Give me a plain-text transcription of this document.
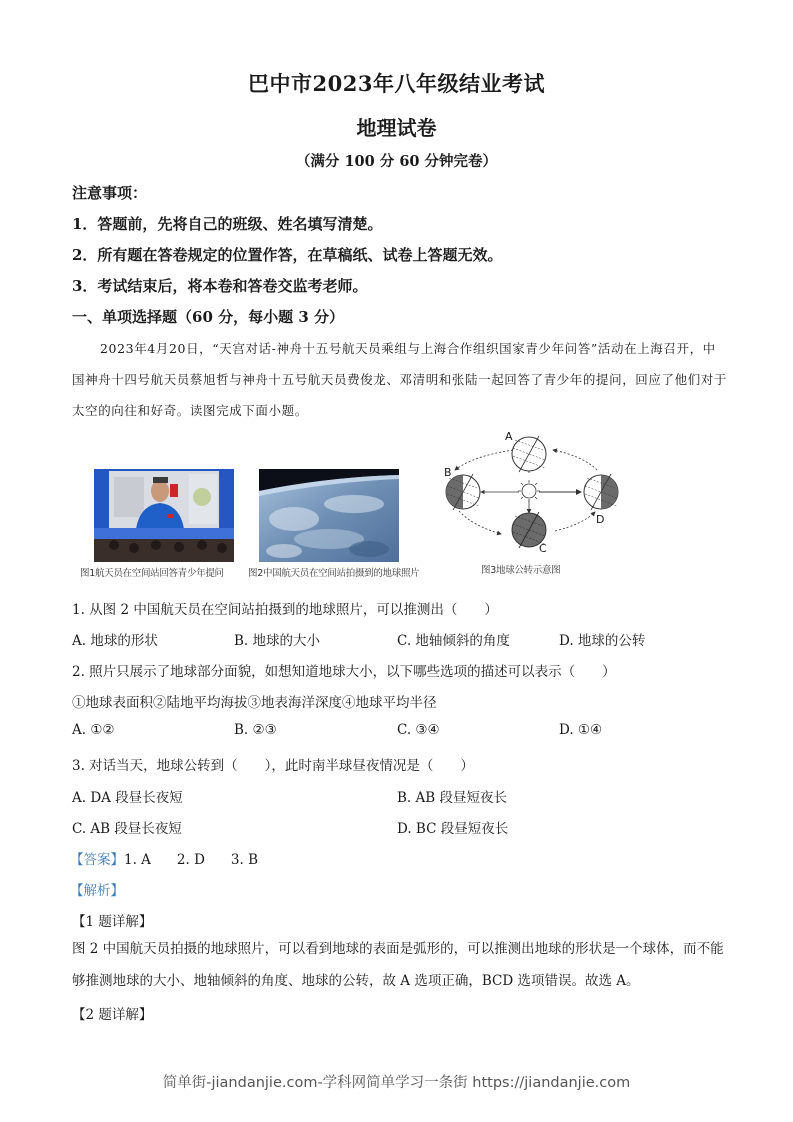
巴中市2023年八年级结业考试
地理试卷
（满分 100 分 60 分钟完卷）
注意事项：
1．答题前，先将自己的班级、姓名填写清楚。
2．所有题在答卷规定的位置作答，在草稿纸、试卷上答题无效。
3．考试结束后，将本卷和答卷交监考老师。
一、单项选择题（60 分，每小题 3 分）
2023年4月20日，“天宫对话-神舟十五号航天员乘组与上海合作组织国家青少年问答”活动在上海召开，中国神舟十四号航天员蔡旭哲与神舟十五号航天员费俊龙、邓清明和张陆一起回答了青少年的提问，回应了他们对于太空的向往和好奇。读图完成下面小题。
图1航天员在空间站回答青少年提问	图2中国航天员在空间站拍摄到的地球照片
A
B
C
D
图3地球公转示意图
1. 从图 2 中国航天员在空间站拍摄到的地球照片，可以推测出（　　）
A. 地球的形状	B. 地球的大小	C. 地轴倾斜的角度	D. 地球的公转
2. 照片只展示了地球部分面貌，如想知道地球大小，以下哪些选项的描述可以表示（　　）
①地球表面积②陆地平均海拔③地表海洋深度④地球平均半径
A. ①②	B. ②③	C. ③④	D. ①④
3. 对话当天，地球公转到（　　），此时南半球昼夜情况是（　　）
A. DA 段昼长夜短	B. AB 段昼短夜长
C. AB 段昼长夜短	D. BC 段昼短夜长
【答案】1. A 2. D 3. B
【解析】
【1 题详解】
图 2 中国航天员拍摄的地球照片，可以看到地球的表面是弧形的，可以推测出地球的形状是一个球体，而不能够推测地球的大小、地轴倾斜的角度、地球的公转，故 A 选项正确，BCD 选项错误。故选 A。
【2 题详解】
简单街-jiandanjie.com-学科网简单学习一条街 https://jiandanjie.com
